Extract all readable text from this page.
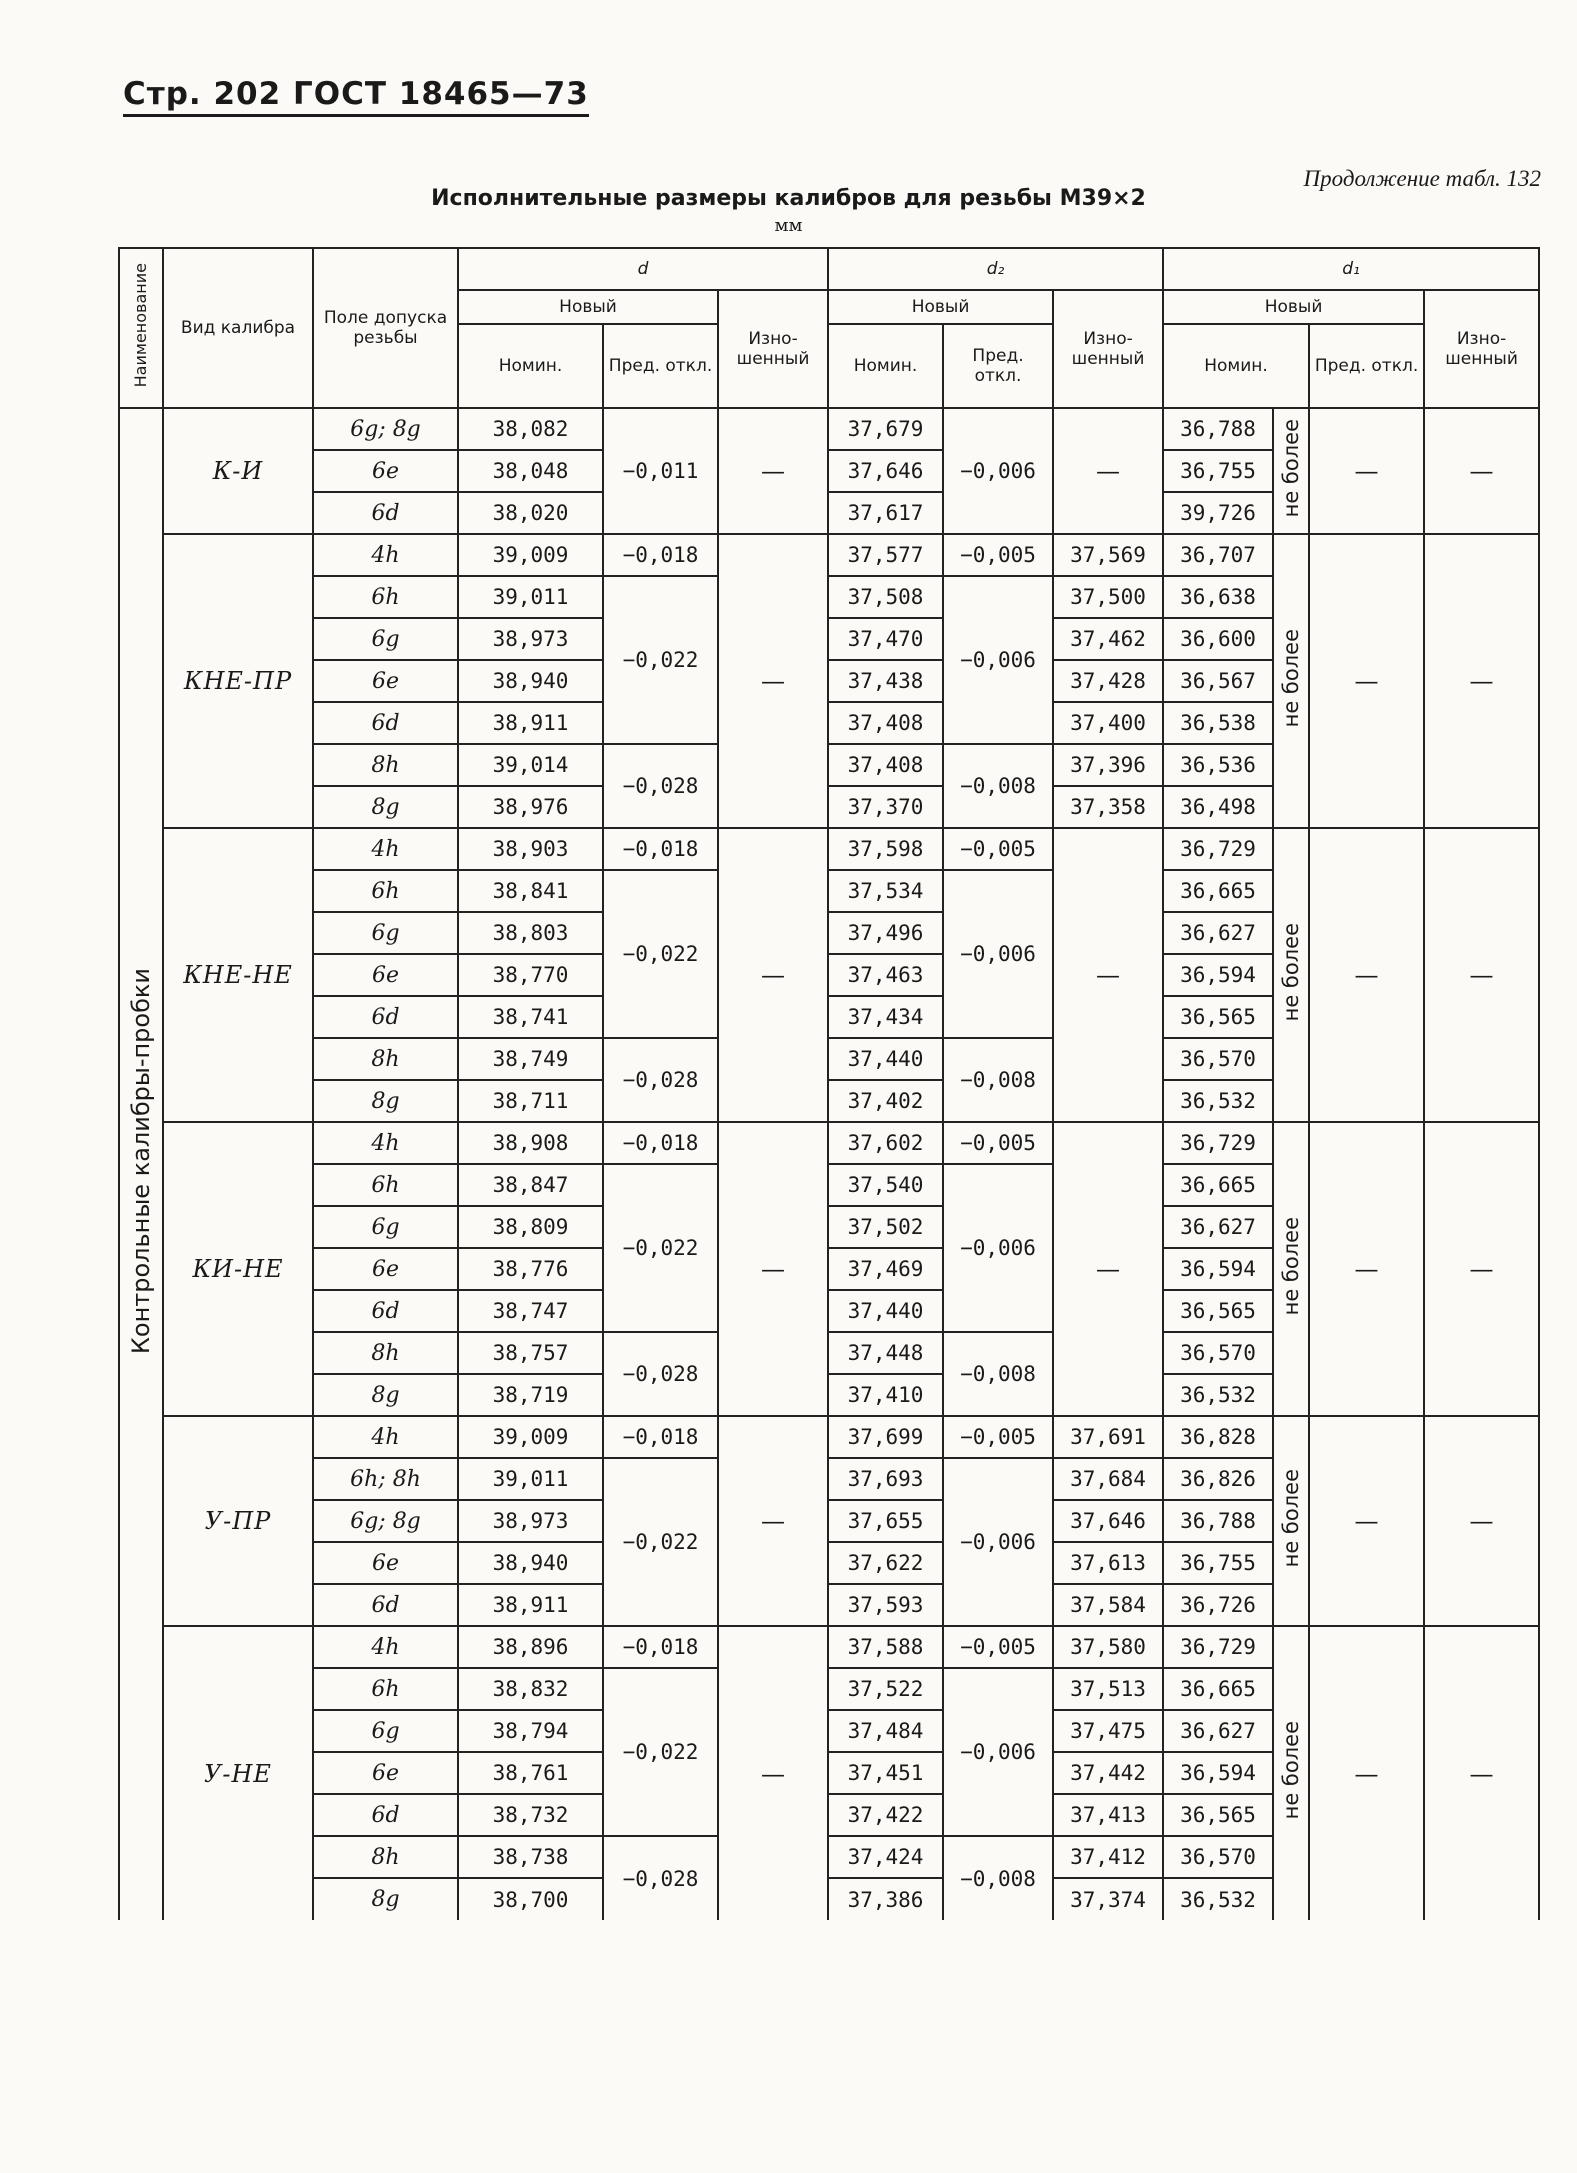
Стр. 202 ГОСТ 18465—73
Продолжение табл. 132
Исполнительные размеры калибров для резьбы М39×2
мм
Наименование	Вид калибра	Поле допуска резьбы	d			d₂			d₁			
			Новый		Изно-шенный	Новый		Изно-шенный	Новый			Изно-шенный
			Номин.	Пред. откл.		Номин.	Пред. откл.		Номин.		Пред. откл.	
Контрольные калибры-пробки	К-И	6g; 8g	38,082	−0,011	—	37,679	−0,006	—	36,788	не более	—	—
		6e	38,048			37,646			36,755			
		6d	38,020			37,617			39,726			
	КНЕ-ПР	4h	39,009	−0,018	—	37,577	−0,005	37,569	36,707	не более	—	—
		6h	39,011	−0,022		37,508	−0,006	37,500	36,638			
		6g	38,973			37,470		37,462	36,600			
		6e	38,940			37,438		37,428	36,567			
		6d	38,911			37,408		37,400	36,538			
		8h	39,014	−0,028		37,408	−0,008	37,396	36,536			
		8g	38,976			37,370		37,358	36,498			
	КНЕ-НЕ	4h	38,903	−0,018	—	37,598	−0,005	—	36,729	не более	—	—
		6h	38,841	−0,022		37,534	−0,006		36,665			
		6g	38,803			37,496			36,627			
		6e	38,770			37,463			36,594			
		6d	38,741			37,434			36,565			
		8h	38,749	−0,028		37,440	−0,008		36,570			
		8g	38,711			37,402			36,532			
	КИ-НЕ	4h	38,908	−0,018	—	37,602	−0,005	—	36,729	не более	—	—
		6h	38,847	−0,022		37,540	−0,006		36,665			
		6g	38,809			37,502			36,627			
		6e	38,776			37,469			36,594			
		6d	38,747			37,440			36,565			
		8h	38,757	−0,028		37,448	−0,008		36,570			
		8g	38,719			37,410			36,532			
	У-ПР	4h	39,009	−0,018	—	37,699	−0,005	37,691	36,828	не более	—	—
		6h; 8h	39,011	−0,022		37,693	−0,006	37,684	36,826			
		6g; 8g	38,973			37,655		37,646	36,788			
		6e	38,940			37,622		37,613	36,755			
		6d	38,911			37,593		37,584	36,726			
	У-НЕ	4h	38,896	−0,018	—	37,588	−0,005	37,580	36,729	не более	—	—
		6h	38,832	−0,022		37,522	−0,006	37,513	36,665			
		6g	38,794			37,484		37,475	36,627			
		6e	38,761			37,451		37,442	36,594			
		6d	38,732			37,422		37,413	36,565			
		8h	38,738	−0,028		37,424	−0,008	37,412	36,570			
		8g	38,700			37,386		37,374	36,532			
